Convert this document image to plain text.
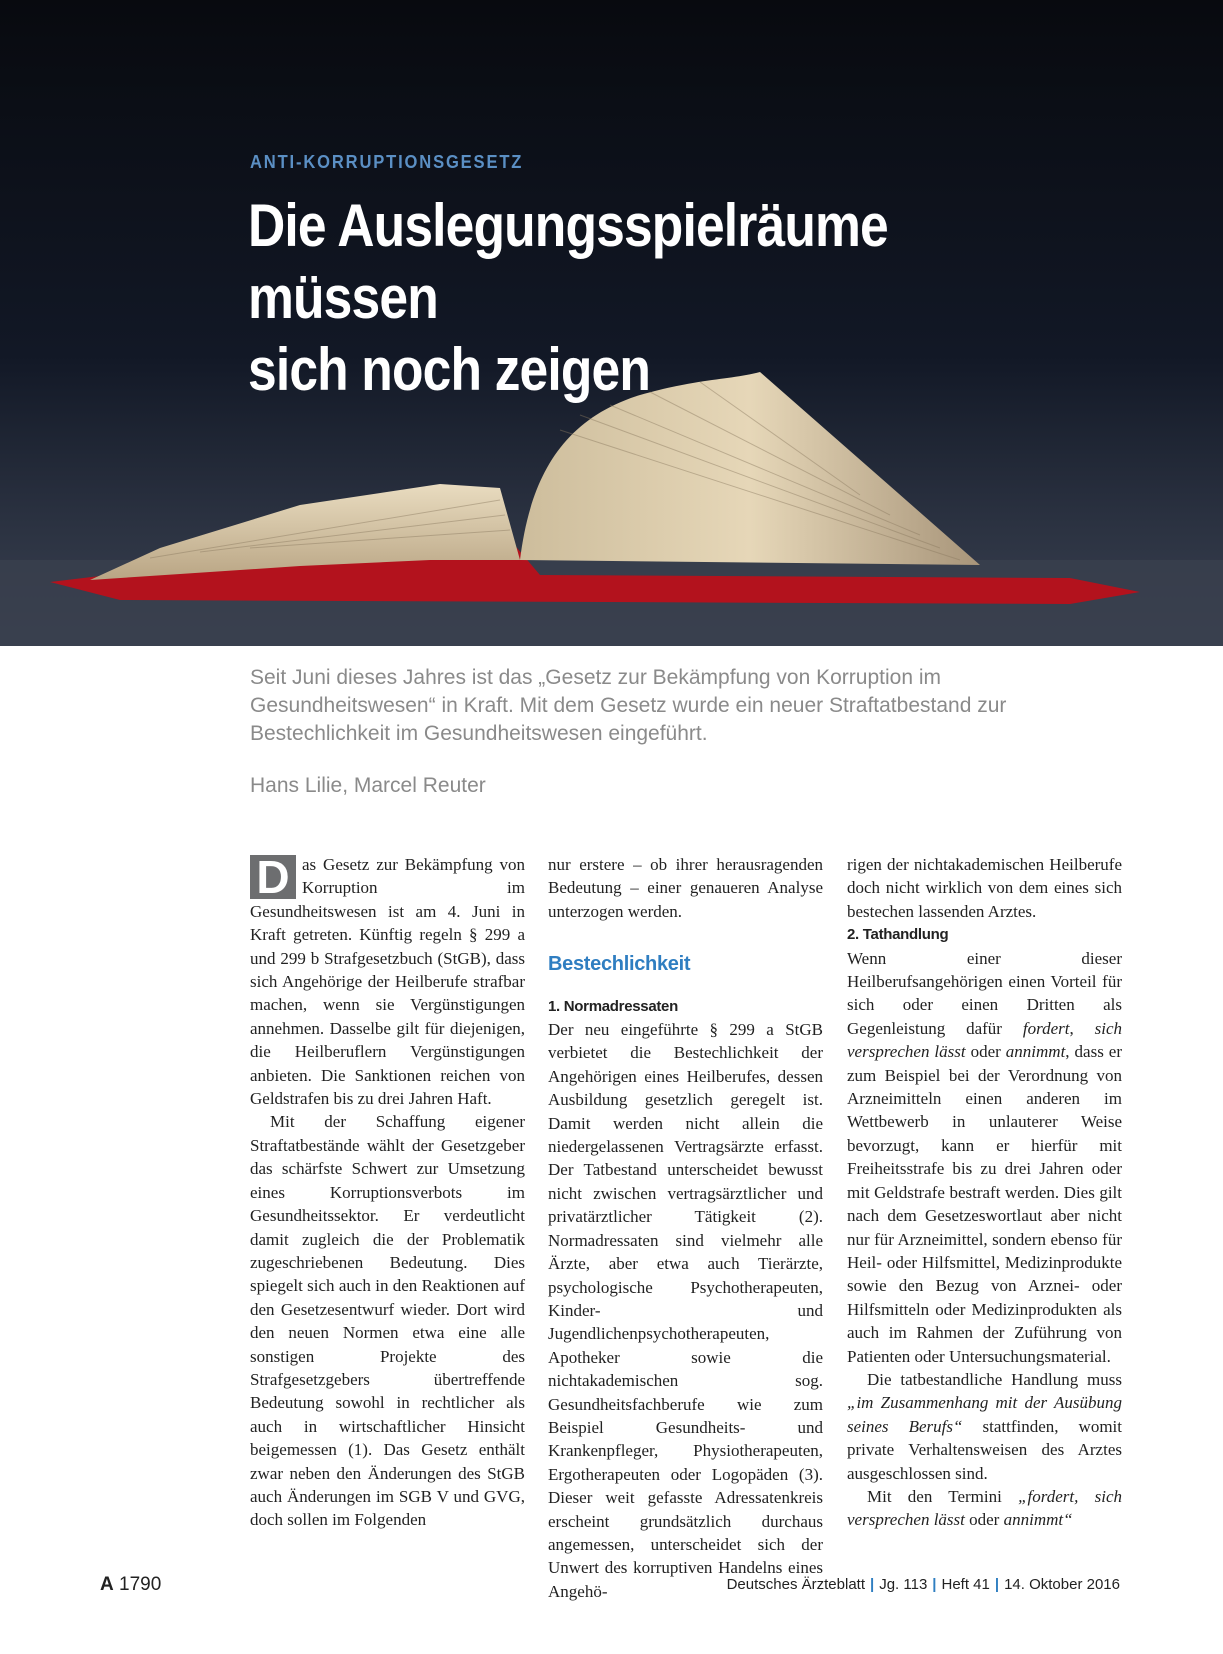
ANTI-KORRUPTIONSGESETZ
Die Auslegungsspielräume müssen
sich noch zeigen

Seit Juni dieses Jahres ist das „Gesetz zur Bekämpfung von Korruption im Gesundheitswesen“ in Kraft. Mit dem Gesetz wurde ein neuer Straftatbestand zur Bestechlichkeit im Gesundheitswesen eingeführt.

Hans Lilie, Marcel Reuter

D as Gesetz zur Bekämpfung von Korruption im Gesundheitswesen ist am 4. Juni in Kraft getreten. Künftig regeln § 299 a und 299 b Strafgesetzbuch (StGB), dass sich Angehörige der Heilberufe strafbar machen, wenn sie Vergünstigungen annehmen. Dasselbe gilt für diejenigen, die Heilberuflern Vergünstigungen anbieten. Die Sanktionen reichen von Geldstrafen bis zu drei Jahren Haft.

Mit der Schaffung eigener Straftatbestände wählt der Gesetzgeber das schärfste Schwert zur Umsetzung eines Korruptionsverbots im Gesundheitssektor. Er verdeutlicht damit zugleich die der Problematik zugeschriebenen Bedeutung. Dies spiegelt sich auch in den Reaktionen auf den Gesetzesentwurf wieder. Dort wird den neuen Normen etwa eine alle sonstigen Projekte des Strafgesetzgebers übertreffende Bedeutung sowohl in rechtlicher als auch in wirtschaftlicher Hinsicht beigemessen (1). Das Gesetz enthält zwar neben den Änderungen des StGB auch Änderungen im SGB V und GVG, doch sollen im Folgenden

nur erstere – ob ihrer herausragenden Bedeutung – einer genaueren Analyse unterzogen werden.

Bestechlichkeit

1. Normadressaten

Der neu eingeführte § 299 a StGB verbietet die Bestechlichkeit der Angehörigen eines Heilberufes, dessen Ausbildung gesetzlich geregelt ist. Damit werden nicht allein die niedergelassenen Vertragsärzte erfasst. Der Tatbestand unterscheidet bewusst nicht zwischen vertragsärztlicher und privatärztlicher Tätigkeit (2). Normadressaten sind vielmehr alle Ärzte, aber etwa auch Tierärzte, psychologische Psychotherapeuten, Kinder- und Jugendlichenpsychotherapeuten, Apotheker sowie die nichtakademischen sog. Gesundheitsfachberufe wie zum Beispiel Gesundheits- und Krankenpfleger, Physiotherapeuten, Ergotherapeuten oder Logopäden (3). Dieser weit gefasste Adressatenkreis erscheint grundsätzlich durchaus angemessen, unterscheidet sich der Unwert des korruptiven Handelns eines Angehö-

rigen der nichtakademischen Heilberufe doch nicht wirklich von dem eines sich bestechen lassenden Arztes.

2. Tathandlung

Wenn einer dieser Heilberufsangehörigen einen Vorteil für sich oder einen Dritten als Gegenleistung dafür fordert, sich versprechen lässt oder annimmt, dass er zum Beispiel bei der Verordnung von Arzneimitteln einen anderen im Wettbewerb in unlauterer Weise bevorzugt, kann er hierfür mit Freiheitsstrafe bis zu drei Jahren oder mit Geldstrafe bestraft werden. Dies gilt nach dem Gesetzeswortlaut aber nicht nur für Arzneimittel, sondern ebenso für Heil- oder Hilfsmittel, Medizinprodukte sowie den Bezug von Arznei- oder Hilfsmitteln oder Medizinprodukten als auch im Rahmen der Zuführung von Patienten oder Untersuchungsmaterial.

Die tatbestandliche Handlung muss „im Zusammenhang mit der Ausübung seines Berufs“ stattfinden, womit private Verhaltensweisen des Arztes ausgeschlossen sind.

Mit den Termini „fordert, sich versprechen lässt oder annimmt“

A 1790	Deutsches Ärzteblatt | Jg. 113 | Heft 41 | 14. Oktober 2016
